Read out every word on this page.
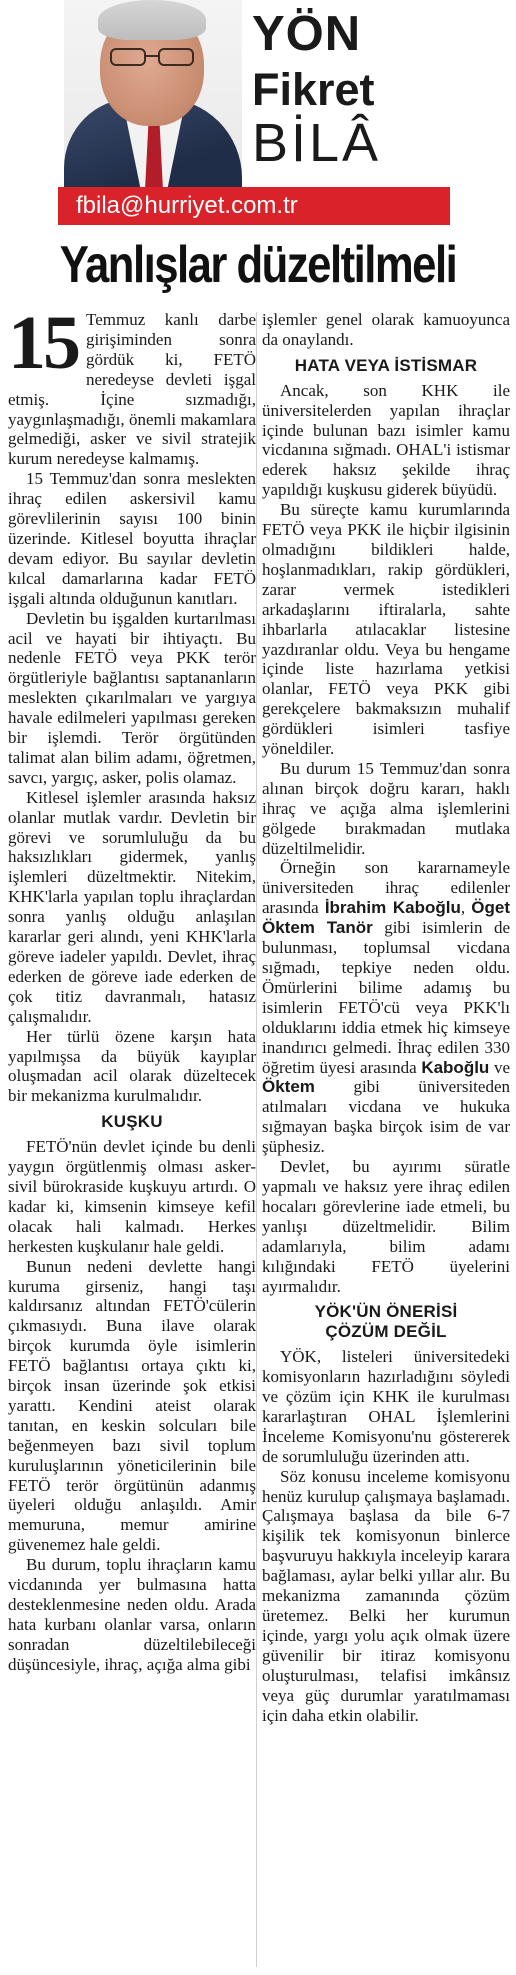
YÖN
Fikret
BİLÂ
fbila@hurriyet.com.tr
Yanlışlar düzeltilmeli

15 Temmuz kanlı darbe girişiminden sonra gördük ki, FETÖ neredeyse devleti işgal etmiş. İçine sızmadığı, yaygınlaşmadığı, önemli makamlara gelmediği, asker ve sivil stratejik kurum neredeyse kalmamış.

15 Temmuz'dan sonra meslekten ihraç edilen askersivil kamu görevlilerinin sayısı 100 binin üzerinde. Kitlesel boyutta ihraçlar devam ediyor. Bu sayılar devletin kılcal damarlarına kadar FETÖ işgali altında olduğunun kanıtları.

Devletin bu işgalden kurtarılması acil ve hayati bir ihtiyaçtı. Bu nedenle FETÖ veya PKK terör örgütleriyle bağlantısı saptananların meslekten çıkarılmaları ve yargıya havale edilmeleri yapılması gereken bir işlemdi. Terör örgütünden talimat alan bilim adamı, öğretmen, savcı, yargıç, asker, polis olamaz.

Kitlesel işlemler arasında haksız olanlar mutlak vardır. Devletin bir görevi ve sorumluluğu da bu haksızlıkları gidermek, yanlış işlemleri düzeltmektir. Nitekim, KHK'larla yapılan toplu ihraçlardan sonra yanlış olduğu anlaşılan kararlar geri alındı, yeni KHK'larla göreve iadeler yapıldı. Devlet, ihraç ederken de göreve iade ederken de çok titiz davranmalı, hatasız çalışmalıdır.

Her türlü özene karşın hata yapılmışsa da büyük kayıplar oluşmadan acil olarak düzeltecek bir mekanizma kurulmalıdır.

KUŞKU

FETÖ'nün devlet içinde bu denli yaygın örgütlenmiş olması asker-sivil bürokraside kuşkuyu artırdı. O kadar ki, kimsenin kimseye kefil olacak hali kalmadı. Herkes herkesten kuşkulanır hale geldi.

Bunun nedeni devlette hangi kuruma girseniz, hangi taşı kaldırsanız altından FETÖ'cülerin çıkmasıydı. Buna ilave olarak birçok kurumda öyle isimlerin FETÖ bağlantısı ortaya çıktı ki, birçok insan üzerinde şok etkisi yarattı. Kendini ateist olarak tanıtan, en keskin solcuları bile beğenmeyen bazı sivil toplum kuruluşlarının yöneticilerinin bile FETÖ terör örgütünün adanmış üyeleri olduğu anlaşıldı. Amir memuruna, memur amirine güvenemez hale geldi.

Bu durum, toplu ihraçların kamu vicdanında yer bulmasına hatta desteklenmesine neden oldu. Arada hata kurbanı olanlar varsa, onların sonradan düzeltilebileceği düşüncesiyle, ihraç, açığa alma gibi

işlemler genel olarak kamuoyunca da onaylandı.

HATA VEYA İSTİSMAR

Ancak, son KHK ile üniversitelerden yapılan ihraçlar içinde bulunan bazı isimler kamu vicdanına sığmadı. OHAL'i istismar ederek haksız şekilde ihraç yapıldığı kuşkusu giderek büyüdü.

Bu süreçte kamu kurumlarında FETÖ veya PKK ile hiçbir ilgisinin olmadığını bildikleri halde, hoşlanmadıkları, rakip gördükleri, zarar vermek istedikleri arkadaşlarını iftiralarla, sahte ihbarlarla atılacaklar listesine yazdıranlar oldu. Veya bu hengame içinde liste hazırlama yetkisi olanlar, FETÖ veya PKK gibi gerekçelere bakmaksızın muhalif gördükleri isimleri tasfiye yöneldiler.

Bu durum 15 Temmuz'dan sonra alınan birçok doğru kararı, haklı ihraç ve açığa alma işlemlerini gölgede bırakmadan mutlaka düzeltilmelidir.

Örneğin son kararnameyle üniversiteden ihraç edilenler arasında İbrahim Kaboğlu, Öget Öktem Tanör gibi isimlerin de bulunması, toplumsal vicdana sığmadı, tepkiye neden oldu. Ömürlerini bilime adamış bu isimlerin FETÖ'cü veya PKK'lı olduklarını iddia etmek hiç kimseye inandırıcı gelmedi. İhraç edilen 330 öğretim üyesi arasında Kaboğlu ve Öktem gibi üniversiteden atılmaları vicdana ve hukuka sığmayan başka birçok isim de var şüphesiz.

Devlet, bu ayırımı süratle yapmalı ve haksız yere ihraç edilen hocaları görevlerine iade etmeli, bu yanlışı düzeltmelidir. Bilim adamlarıyla, bilim adamı kılığındaki FETÖ üyelerini ayırmalıdır.

YÖK'ÜN ÖNERİSİ
ÇÖZÜM DEĞİL

YÖK, listeleri üniversitedeki komisyonların hazırladığını söyledi ve çözüm için KHK ile kurulması kararlaştıran OHAL İşlemlerini İnceleme Komisyonu'nu göstererek de sorumluluğu üzerinden attı.

Söz konusu inceleme komisyonu henüz kurulup çalışmaya başlamadı. Çalışmaya başlasa da bile 6-7 kişilik tek komisyonun binlerce başvuruyu hakkıyla inceleyip karara bağlaması, aylar belki yıllar alır. Bu mekanizma zamanında çözüm üretemez. Belki her kurumun içinde, yargı yolu açık olmak üzere güvenilir bir itiraz komisyonu oluşturulması, telafisi imkânsız veya güç durumlar yaratılmaması için daha etkin olabilir.
